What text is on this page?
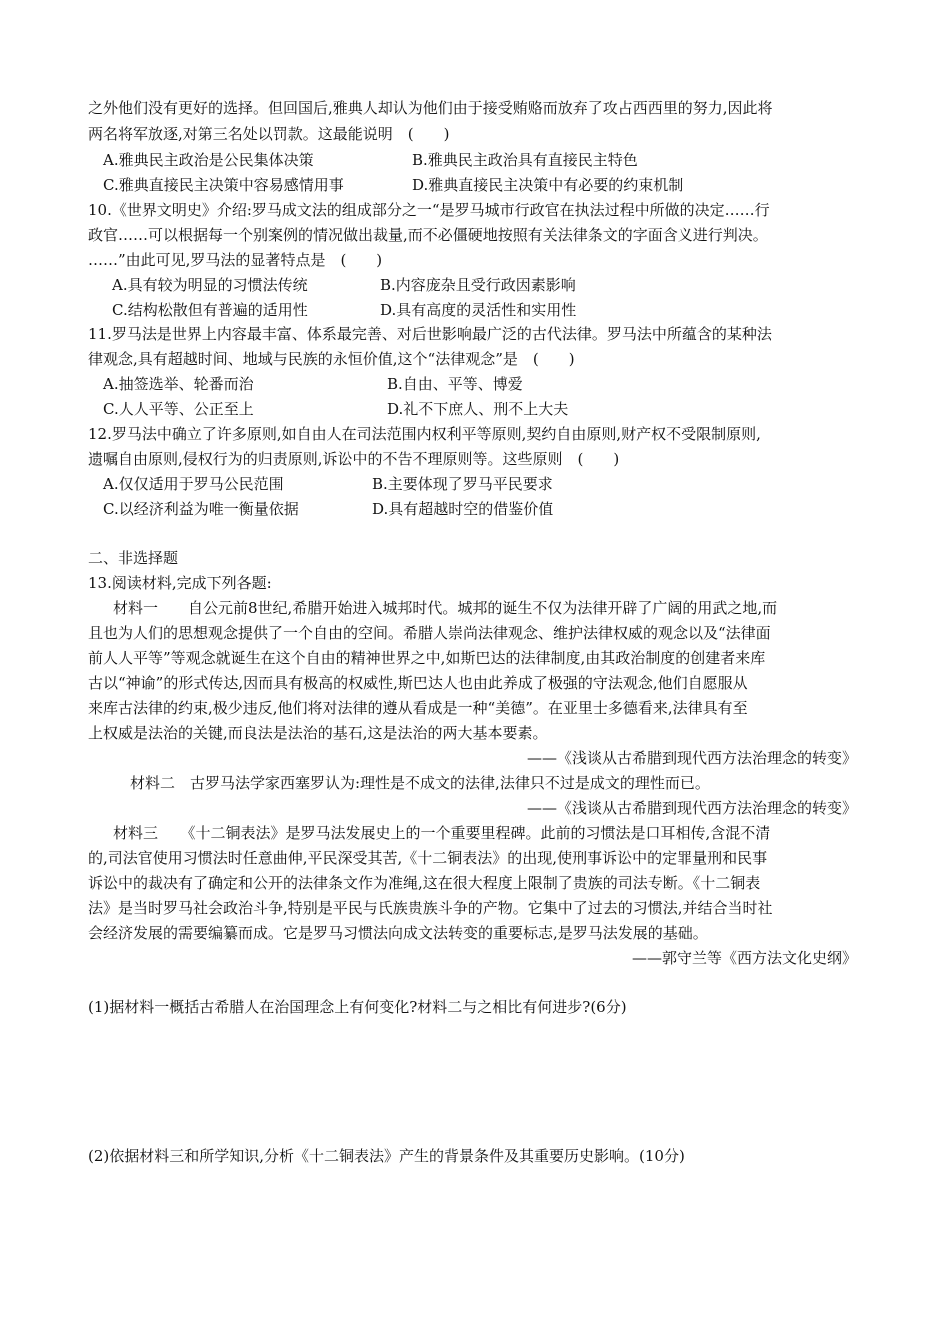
之外他们没有更好的选择。但回国后,雅典人却认为他们由于接受贿赂而放弃了攻占西西里的努力,因此将
两名将军放逐,对第三名处以罚款。这最能说明　(　　)
A.雅典民主政治是公民集体决策	B.雅典民主政治具有直接民主特色
C.雅典直接民主决策中容易感情用事	D.雅典直接民主决策中有必要的约束机制
10.《世界文明史》介绍:罗马成文法的组成部分之一“是罗马城市行政官在执法过程中所做的决定……行
政官……可以根据每一个别案例的情况做出裁量,而不必僵硬地按照有关法律条文的字面含义进行判决。
……”由此可见,罗马法的显著特点是　(　　)
A.具有较为明显的习惯法传统	B.内容庞杂且受行政因素影响
C.结构松散但有普遍的适用性	D.具有高度的灵活性和实用性
11.罗马法是世界上内容最丰富、体系最完善、对后世影响最广泛的古代法律。罗马法中所蕴含的某种法
律观念,具有超越时间、地域与民族的永恒价值,这个“法律观念”是　(　　)
A.抽签选举、轮番而治	B.自由、平等、博爱
C.人人平等、公正至上	D.礼不下庶人、刑不上大夫
12.罗马法中确立了许多原则,如自由人在司法范围内权利平等原则,契约自由原则,财产权不受限制原则,
遗嘱自由原则,侵权行为的归责原则,诉讼中的不告不理原则等。这些原则　(　　)
A.仅仅适用于罗马公民范围	B.主要体现了罗马平民要求
C.以经济利益为唯一衡量依据	D.具有超越时空的借鉴价值
二、非选择题
13.阅读材料,完成下列各题:
材料一　　自公元前8世纪,希腊开始进入城邦时代。城邦的诞生不仅为法律开辟了广阔的用武之地,而
且也为人们的思想观念提供了一个自由的空间。希腊人崇尚法律观念、维护法律权威的观念以及“法律面
前人人平等”等观念就诞生在这个自由的精神世界之中,如斯巴达的法律制度,由其政治制度的创建者来库
古以“神谕”的形式传达,因而具有极高的权威性,斯巴达人也由此养成了极强的守法观念,他们自愿服从
来库古法律的约束,极少违反,他们将对法律的遵从看成是一种“美德”。在亚里士多德看来,法律具有至
上权威是法治的关键,而良法是法治的基石,这是法治的两大基本要素。
——《浅谈从古希腊到现代西方法治理念的转变》
材料二　古罗马法学家西塞罗认为:理性是不成文的法律,法律只不过是成文的理性而已。
——《浅谈从古希腊到现代西方法治理念的转变》
材料三　　《十二铜表法》是罗马法发展史上的一个重要里程碑。此前的习惯法是口耳相传,含混不清
的,司法官使用习惯法时任意曲伸,平民深受其苦,《十二铜表法》的出现,使刑事诉讼中的定罪量刑和民事
诉讼中的裁决有了确定和公开的法律条文作为准绳,这在很大程度上限制了贵族的司法专断。《十二铜表
法》是当时罗马社会政治斗争,特别是平民与氏族贵族斗争的产物。它集中了过去的习惯法,并结合当时社
会经济发展的需要编纂而成。它是罗马习惯法向成文法转变的重要标志,是罗马法发展的基础。
——郭守兰等《西方法文化史纲》
(1)据材料一概括古希腊人在治国理念上有何变化?材料二与之相比有何进步?(6分)
(2)依据材料三和所学知识,分析《十二铜表法》产生的背景条件及其重要历史影响。(10分)
